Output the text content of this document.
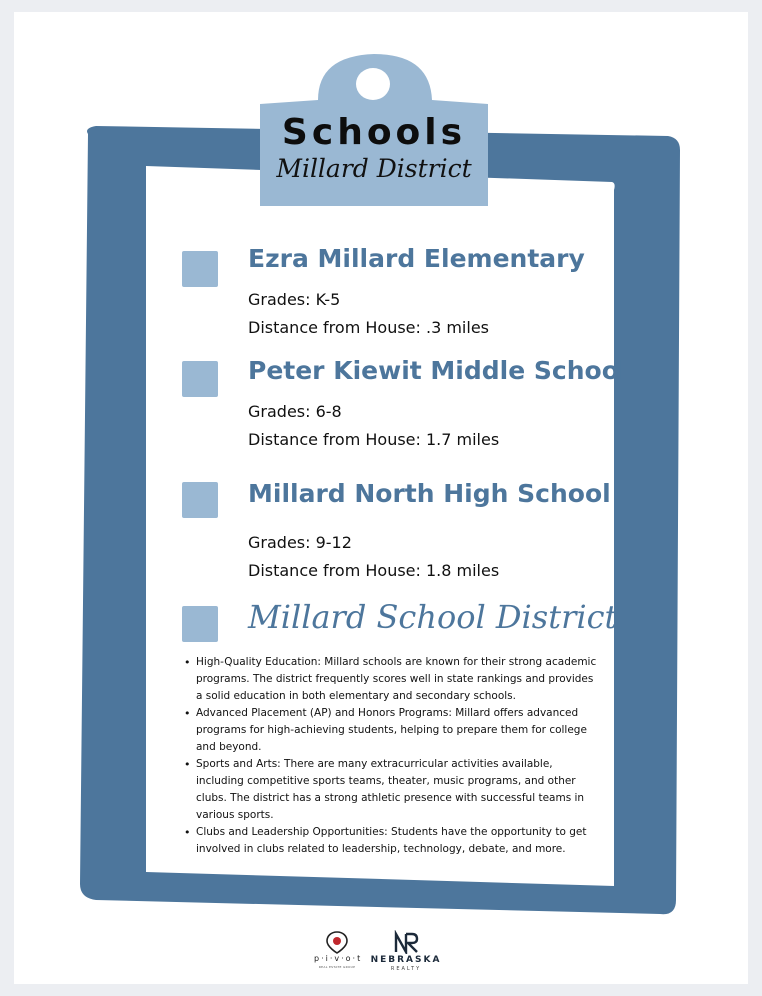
Schools
Millard District
Ezra Millard Elementary
Grades: K-5
Distance from House: .3 miles
Peter Kiewit Middle School
Grades: 6-8
Distance from House: 1.7 miles
Millard North High School
Grades: 9-12
Distance from House: 1.8 miles
Millard School District
• High-Quality Education: Millard schools are known for their strong academic programs. The district frequently scores well in state rankings and provides a solid education in both elementary and secondary schools.
• Advanced Placement (AP) and Honors Programs: Millard offers advanced programs for high-achieving students, helping to prepare them for college and beyond.
• Sports and Arts: There are many extracurricular activities available, including competitive sports teams, theater, music programs, and other clubs. The district has a strong athletic presence with successful teams in various sports.
• Clubs and Leadership Opportunities: Students have the opportunity to get involved in clubs related to leadership, technology, debate, and more.
p·i·v·o·t
REAL ESTATE GROUP
NEBRASKA
REALTY
